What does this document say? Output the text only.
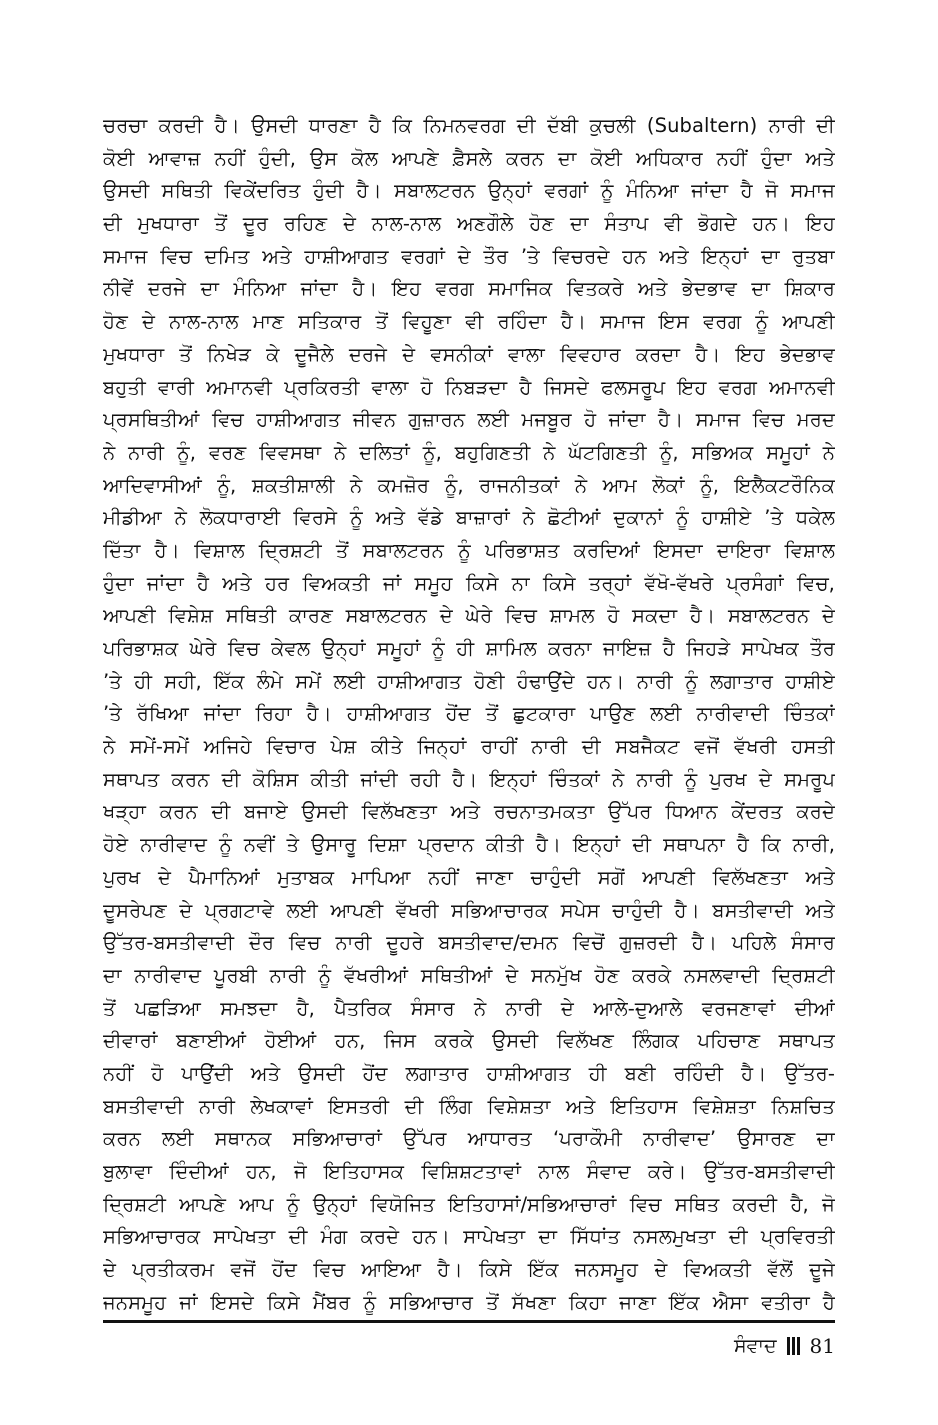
ਚਰਚਾ ਕਰਦੀ ਹੈ। ਉਸਦੀ ਧਾਰਣਾ ਹੈ ਕਿ ਨਿਮਨਵਰਗ ਦੀ ਦੱਬੀ ਕੁਚਲੀ (Subaltern) ਨਾਰੀ ਦੀ
ਕੋਈ ਆਵਾਜ਼ ਨਹੀਂ ਹੁੰਦੀ, ਉਸ ਕੋਲ ਆਪਣੇ ਫ਼ੈਸਲੇ ਕਰਨ ਦਾ ਕੋਈ ਅਧਿਕਾਰ ਨਹੀਂ ਹੁੰਦਾ ਅਤੇ
ਉਸਦੀ ਸਥਿਤੀ ਵਿਕੇਂਦਰਿਤ ਹੁੰਦੀ ਹੈ। ਸਬਾਲਟਰਨ ਉਨ੍ਹਾਂ ਵਰਗਾਂ ਨੂੰ ਮੰਨਿਆ ਜਾਂਦਾ ਹੈ ਜੋ ਸਮਾਜ
ਦੀ ਮੁਖਧਾਰਾ ਤੋਂ ਦੂਰ ਰਹਿਣ ਦੇ ਨਾਲ-ਨਾਲ ਅਣਗੌਲੇ ਹੋਣ ਦਾ ਸੰਤਾਪ ਵੀ ਭੋਗਦੇ ਹਨ। ਇਹ
ਸਮਾਜ ਵਿਚ ਦਮਿਤ ਅਤੇ ਹਾਸ਼ੀਆਗਤ ਵਰਗਾਂ ਦੇ ਤੌਰ ’ਤੇ ਵਿਚਰਦੇ ਹਨ ਅਤੇ ਇਨ੍ਹਾਂ ਦਾ ਰੁਤਬਾ
ਨੀਵੇਂ ਦਰਜੇ ਦਾ ਮੰਨਿਆ ਜਾਂਦਾ ਹੈ। ਇਹ ਵਰਗ ਸਮਾਜਿਕ ਵਿਤਕਰੇ ਅਤੇ ਭੇਦਭਾਵ ਦਾ ਸ਼ਿਕਾਰ
ਹੋਣ ਦੇ ਨਾਲ-ਨਾਲ ਮਾਣ ਸਤਿਕਾਰ ਤੋਂ ਵਿਹੂਣਾ ਵੀ ਰਹਿੰਦਾ ਹੈ। ਸਮਾਜ ਇਸ ਵਰਗ ਨੂੰ ਆਪਣੀ
ਮੁਖਧਾਰਾ ਤੋਂ ਨਿਖੇੜ ਕੇ ਦੂਜੈਲੇ ਦਰਜੇ ਦੇ ਵਸਨੀਕਾਂ ਵਾਲਾ ਵਿਵਹਾਰ ਕਰਦਾ ਹੈ। ਇਹ ਭੇਦਭਾਵ
ਬਹੁਤੀ ਵਾਰੀ ਅਮਾਨਵੀ ਪ੍ਰਕਿਰਤੀ ਵਾਲਾ ਹੋ ਨਿਬੜਦਾ ਹੈ ਜਿਸਦੇ ਫਲਸਰੂਪ ਇਹ ਵਰਗ ਅਮਾਨਵੀ
ਪ੍ਰਸਥਿਤੀਆਂ ਵਿਚ ਹਾਸ਼ੀਆਗਤ ਜੀਵਨ ਗੁਜ਼ਾਰਨ ਲਈ ਮਜਬੂਰ ਹੋ ਜਾਂਦਾ ਹੈ। ਸਮਾਜ ਵਿਚ ਮਰਦ
ਨੇ ਨਾਰੀ ਨੂੰ, ਵਰਣ ਵਿਵਸਥਾ ਨੇ ਦਲਿਤਾਂ ਨੂੰ, ਬਹੁਗਿਣਤੀ ਨੇ ਘੱਟਗਿਣਤੀ ਨੂੰ, ਸਭਿਅਕ ਸਮੂਹਾਂ ਨੇ
ਆਦਿਵਾਸੀਆਂ ਨੂੰ, ਸ਼ਕਤੀਸ਼ਾਲੀ ਨੇ ਕਮਜ਼ੋਰ ਨੂੰ, ਰਾਜਨੀਤਕਾਂ ਨੇ ਆਮ ਲੋਕਾਂ ਨੂੰ, ਇਲੈਕਟਰੌਨਿਕ
ਮੀਡੀਆ ਨੇ ਲੋਕਧਾਰਾਈ ਵਿਰਸੇ ਨੂੰ ਅਤੇ ਵੱਡੇ ਬਾਜ਼ਾਰਾਂ ਨੇ ਛੋਟੀਆਂ ਦੁਕਾਨਾਂ ਨੂੰ ਹਾਸ਼ੀਏ ’ਤੇ ਧਕੇਲ
ਦਿੱਤਾ ਹੈ। ਵਿਸ਼ਾਲ ਦ੍ਰਿਸ਼ਟੀ ਤੋਂ ਸਬਾਲਟਰਨ ਨੂੰ ਪਰਿਭਾਸ਼ਤ ਕਰਦਿਆਂ ਇਸਦਾ ਦਾਇਰਾ ਵਿਸ਼ਾਲ
ਹੁੰਦਾ ਜਾਂਦਾ ਹੈ ਅਤੇ ਹਰ ਵਿਅਕਤੀ ਜਾਂ ਸਮੂਹ ਕਿਸੇ ਨਾ ਕਿਸੇ ਤਰ੍ਹਾਂ ਵੱਖੋ-ਵੱਖਰੇ ਪ੍ਰਸੰਗਾਂ ਵਿਚ,
ਆਪਣੀ ਵਿਸ਼ੇਸ਼ ਸਥਿਤੀ ਕਾਰਣ ਸਬਾਲਟਰਨ ਦੇ ਘੇਰੇ ਵਿਚ ਸ਼ਾਮਲ ਹੋ ਸਕਦਾ ਹੈ। ਸਬਾਲਟਰਨ ਦੇ
ਪਰਿਭਾਸ਼ਕ ਘੇਰੇ ਵਿਚ ਕੇਵਲ ਉਨ੍ਹਾਂ ਸਮੂਹਾਂ ਨੂੰ ਹੀ ਸ਼ਾਮਿਲ ਕਰਨਾ ਜਾਇਜ਼ ਹੈ ਜਿਹੜੇ ਸਾਪੇਖਕ ਤੌਰ
’ਤੇ ਹੀ ਸਹੀ, ਇੱਕ ਲੰਮੇ ਸਮੇਂ ਲਈ ਹਾਸ਼ੀਆਗਤ ਹੋਣੀ ਹੰਢਾਉਂਦੇ ਹਨ। ਨਾਰੀ ਨੂੰ ਲਗਾਤਾਰ ਹਾਸ਼ੀਏ
’ਤੇ ਰੱਖਿਆ ਜਾਂਦਾ ਰਿਹਾ ਹੈ। ਹਾਸ਼ੀਆਗਤ ਹੋਂਦ ਤੋਂ ਛੁਟਕਾਰਾ ਪਾਉਣ ਲਈ ਨਾਰੀਵਾਦੀ ਚਿੰਤਕਾਂ
ਨੇ ਸਮੇਂ-ਸਮੇਂ ਅਜਿਹੇ ਵਿਚਾਰ ਪੇਸ਼ ਕੀਤੇ ਜਿਨ੍ਹਾਂ ਰਾਹੀਂ ਨਾਰੀ ਦੀ ਸਬਜੈਕਟ ਵਜੋਂ ਵੱਖਰੀ ਹਸਤੀ
ਸਥਾਪਤ ਕਰਨ ਦੀ ਕੋਸ਼ਿਸ ਕੀਤੀ ਜਾਂਦੀ ਰਹੀ ਹੈ। ਇਨ੍ਹਾਂ ਚਿੰਤਕਾਂ ਨੇ ਨਾਰੀ ਨੂੰ ਪੁਰਖ ਦੇ ਸਮਰੂਪ
ਖੜ੍ਹਾ ਕਰਨ ਦੀ ਬਜਾਏ ਉਸਦੀ ਵਿਲੱਖਣਤਾ ਅਤੇ ਰਚਨਾਤਮਕਤਾ ਉੱਪਰ ਧਿਆਨ ਕੇਂਦਰਤ ਕਰਦੇ
ਹੋਏ ਨਾਰੀਵਾਦ ਨੂੰ ਨਵੀਂ ਤੇ ਉਸਾਰੂ ਦਿਸ਼ਾ ਪ੍ਰਦਾਨ ਕੀਤੀ ਹੈ। ਇਨ੍ਹਾਂ ਦੀ ਸਥਾਪਨਾ ਹੈ ਕਿ ਨਾਰੀ,
ਪੁਰਖ ਦੇ ਪੈਮਾਨਿਆਂ ਮੁਤਾਬਕ ਮਾਪਿਆ ਨਹੀਂ ਜਾਣਾ ਚਾਹੁੰਦੀ ਸਗੋਂ ਆਪਣੀ ਵਿਲੱਖਣਤਾ ਅਤੇ
ਦੂਸਰੇਪਣ ਦੇ ਪ੍ਰਗਟਾਵੇ ਲਈ ਆਪਣੀ ਵੱਖਰੀ ਸਭਿਆਚਾਰਕ ਸਪੇਸ ਚਾਹੁੰਦੀ ਹੈ। ਬਸਤੀਵਾਦੀ ਅਤੇ
ਉੱਤਰ-ਬਸਤੀਵਾਦੀ ਦੌਰ ਵਿਚ ਨਾਰੀ ਦੂਹਰੇ ਬਸਤੀਵਾਦ/ਦਮਨ ਵਿਚੋਂ ਗੁਜ਼ਰਦੀ ਹੈ। ਪਹਿਲੇ ਸੰਸਾਰ
ਦਾ ਨਾਰੀਵਾਦ ਪੂਰਬੀ ਨਾਰੀ ਨੂੰ ਵੱਖਰੀਆਂ ਸਥਿਤੀਆਂ ਦੇ ਸਨਮੁੱਖ ਹੋਣ ਕਰਕੇ ਨਸਲਵਾਦੀ ਦ੍ਰਿਸ਼ਟੀ
ਤੋਂ ਪਛੜਿਆ ਸਮਝਦਾ ਹੈ, ਪੈਤਰਿਕ ਸੰਸਾਰ ਨੇ ਨਾਰੀ ਦੇ ਆਲੇ-ਦੁਆਲੇ ਵਰਜਣਾਵਾਂ ਦੀਆਂ
ਦੀਵਾਰਾਂ ਬਣਾਈਆਂ ਹੋਈਆਂ ਹਨ, ਜਿਸ ਕਰਕੇ ਉਸਦੀ ਵਿਲੱਖਣ ਲਿੰਗਕ ਪਹਿਚਾਣ ਸਥਾਪਤ
ਨਹੀਂ ਹੋ ਪਾਉਂਦੀ ਅਤੇ ਉਸਦੀ ਹੋਂਦ ਲਗਾਤਾਰ ਹਾਸ਼ੀਆਗਤ ਹੀ ਬਣੀ ਰਹਿੰਦੀ ਹੈ। ਉੱਤਰ-
ਬਸਤੀਵਾਦੀ ਨਾਰੀ ਲੇਖਕਾਵਾਂ ਇਸਤਰੀ ਦੀ ਲਿੰਗ ਵਿਸ਼ੇਸ਼ਤਾ ਅਤੇ ਇਤਿਹਾਸ ਵਿਸ਼ੇਸ਼ਤਾ ਨਿਸ਼ਚਿਤ
ਕਰਨ ਲਈ ਸਥਾਨਕ ਸਭਿਆਚਾਰਾਂ ਉੱਪਰ ਆਧਾਰਤ ‘ਪਰਾਕੌਮੀ ਨਾਰੀਵਾਦ’ ਉਸਾਰਣ ਦਾ
ਬੁਲਾਵਾ ਦਿੰਦੀਆਂ ਹਨ, ਜੋ ਇਤਿਹਾਸਕ ਵਿਸ਼ਿਸ਼ਟਤਾਵਾਂ ਨਾਲ ਸੰਵਾਦ ਕਰੇ। ਉੱਤਰ-ਬਸਤੀਵਾਦੀ
ਦ੍ਰਿਸ਼ਟੀ ਆਪਣੇ ਆਪ ਨੂੰ ਉਨ੍ਹਾਂ ਵਿਯੋਜਿਤ ਇਤਿਹਾਸਾਂ/ਸਭਿਆਚਾਰਾਂ ਵਿਚ ਸਥਿਤ ਕਰਦੀ ਹੈ, ਜੋ
ਸਭਿਆਚਾਰਕ ਸਾਪੇਖਤਾ ਦੀ ਮੰਗ ਕਰਦੇ ਹਨ। ਸਾਪੇਖਤਾ ਦਾ ਸਿੱਧਾਂਤ ਨਸਲਮੁਖਤਾ ਦੀ ਪ੍ਰਵਿਰਤੀ
ਦੇ ਪ੍ਰਤੀਕਰਮ ਵਜੋਂ ਹੋਂਦ ਵਿਚ ਆਇਆ ਹੈ। ਕਿਸੇ ਇੱਕ ਜਨਸਮੂਹ ਦੇ ਵਿਅਕਤੀ ਵੱਲੋਂ ਦੂਜੇ
ਜਨਸਮੂਹ ਜਾਂ ਇਸਦੇ ਕਿਸੇ ਮੈਂਬਰ ਨੂੰ ਸਭਿਆਚਾਰ ਤੋਂ ਸੱਖਣਾ ਕਿਹਾ ਜਾਣਾ ਇੱਕ ਐਸਾ ਵਤੀਰਾ ਹੈ
ਸੰਵਾਦ 81
